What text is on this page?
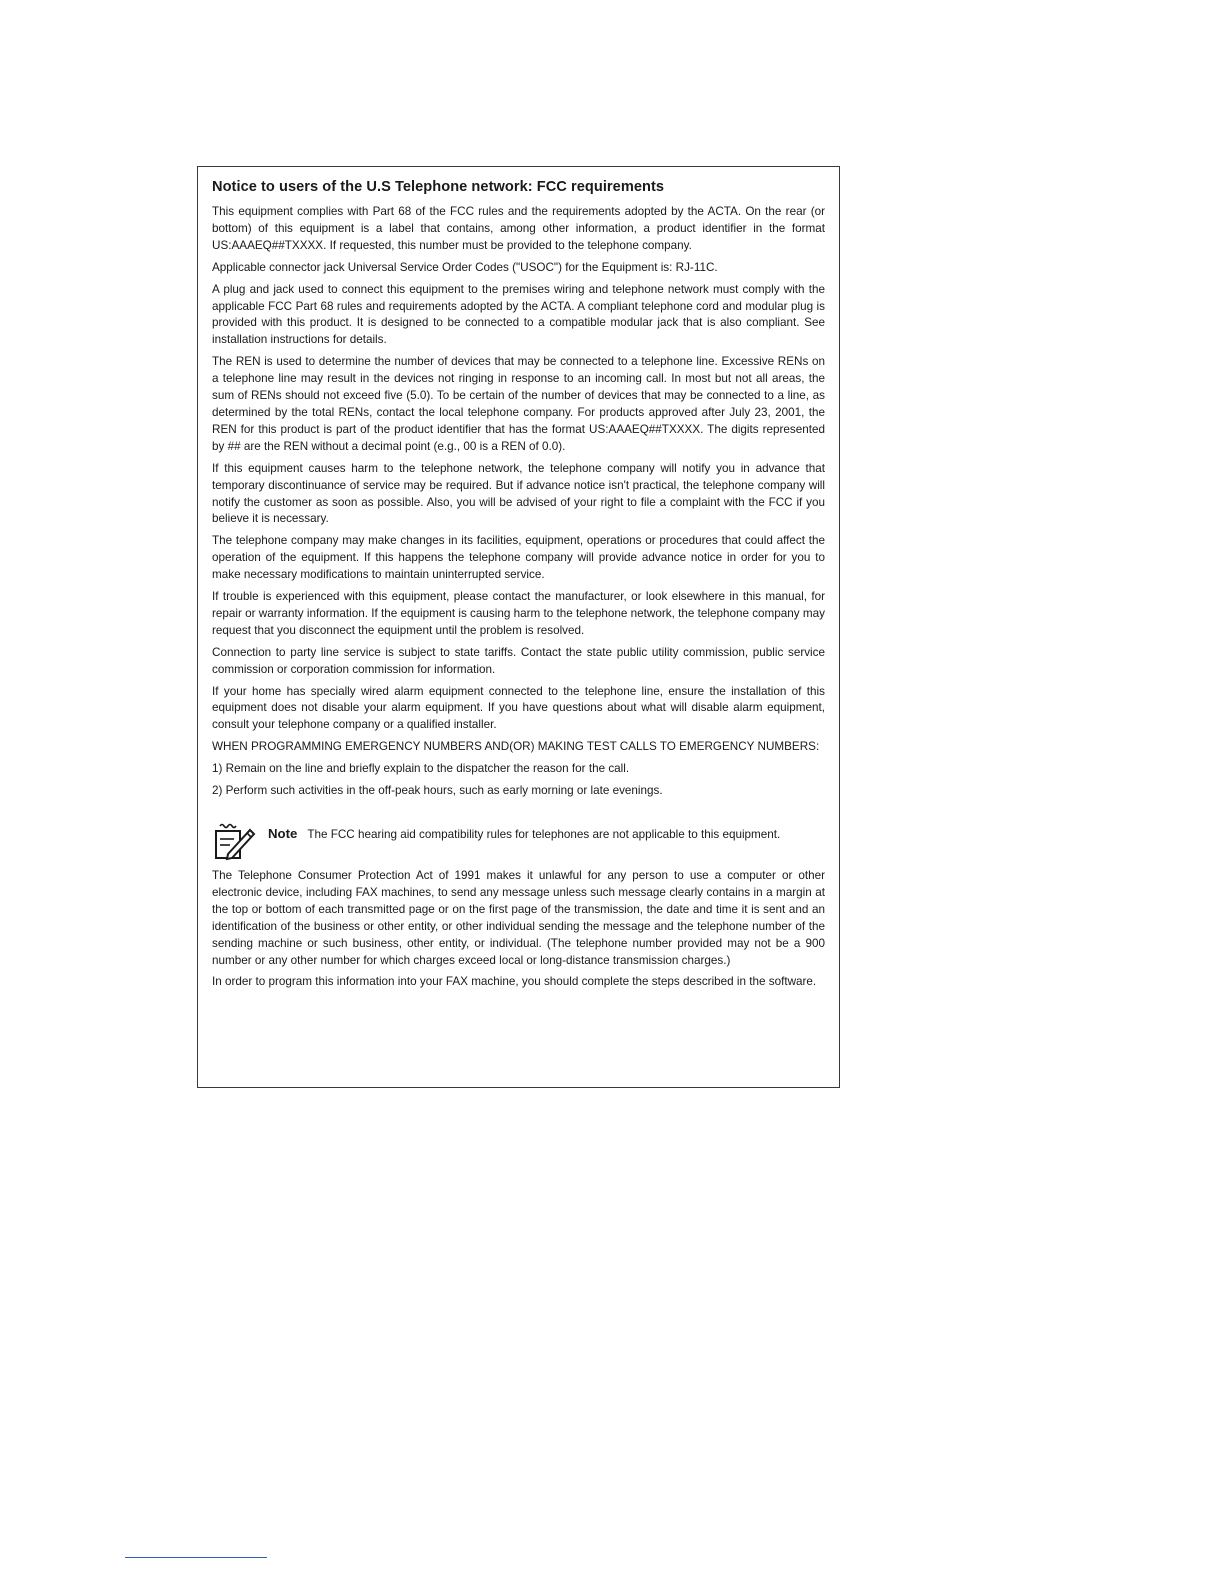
Notice to users of the U.S Telephone network: FCC requirements

This equipment complies with Part 68 of the FCC rules and the requirements adopted by the ACTA. On the rear (or bottom) of this equipment is a label that contains, among other information, a product identifier in the format US:AAAEQ##TXXXX. If requested, this number must be provided to the telephone company.

Applicable connector jack Universal Service Order Codes ("USOC") for the Equipment is: RJ-11C.

A plug and jack used to connect this equipment to the premises wiring and telephone network must comply with the applicable FCC Part 68 rules and requirements adopted by the ACTA. A compliant telephone cord and modular plug is provided with this product. It is designed to be connected to a compatible modular jack that is also compliant. See installation instructions for details.

The REN is used to determine the number of devices that may be connected to a telephone line. Excessive RENs on a telephone line may result in the devices not ringing in response to an incoming call. In most but not all areas, the sum of RENs should not exceed five (5.0). To be certain of the number of devices that may be connected to a line, as determined by the total RENs, contact the local telephone company. For products approved after July 23, 2001, the REN for this product is part of the product identifier that has the format US:AAAEQ##TXXXX. The digits represented by ## are the REN without a decimal point (e.g., 00 is a REN of 0.0).

If this equipment causes harm to the telephone network, the telephone company will notify you in advance that temporary discontinuance of service may be required. But if advance notice isn't practical, the telephone company will notify the customer as soon as possible. Also, you will be advised of your right to file a complaint with the FCC if you believe it is necessary.

The telephone company may make changes in its facilities, equipment, operations or procedures that could affect the operation of the equipment. If this happens the telephone company will provide advance notice in order for you to make necessary modifications to maintain uninterrupted service.

If trouble is experienced with this equipment, please contact the manufacturer, or look elsewhere in this manual, for repair or warranty information. If the equipment is causing harm to the telephone network, the telephone company may request that you disconnect the equipment until the problem is resolved.

Connection to party line service is subject to state tariffs. Contact the state public utility commission, public service commission or corporation commission for information.

If your home has specially wired alarm equipment connected to the telephone line, ensure the installation of this equipment does not disable your alarm equipment. If you have questions about what will disable alarm equipment, consult your telephone company or a qualified installer.

WHEN PROGRAMMING EMERGENCY NUMBERS AND(OR) MAKING TEST CALLS TO EMERGENCY NUMBERS:

1) Remain on the line and briefly explain to the dispatcher the reason for the call.

2) Perform such activities in the off-peak hours, such as early morning or late evenings.

Note The FCC hearing aid compatibility rules for telephones are not applicable to this equipment.

The Telephone Consumer Protection Act of 1991 makes it unlawful for any person to use a computer or other electronic device, including FAX machines, to send any message unless such message clearly contains in a margin at the top or bottom of each transmitted page or on the first page of the transmission, the date and time it is sent and an identification of the business or other entity, or other individual sending the message and the telephone number of the sending machine or such business, other entity, or individual. (The telephone number provided may not be a 900 number or any other number for which charges exceed local or long-distance transmission charges.)

In order to program this information into your FAX machine, you should complete the steps described in the software.
